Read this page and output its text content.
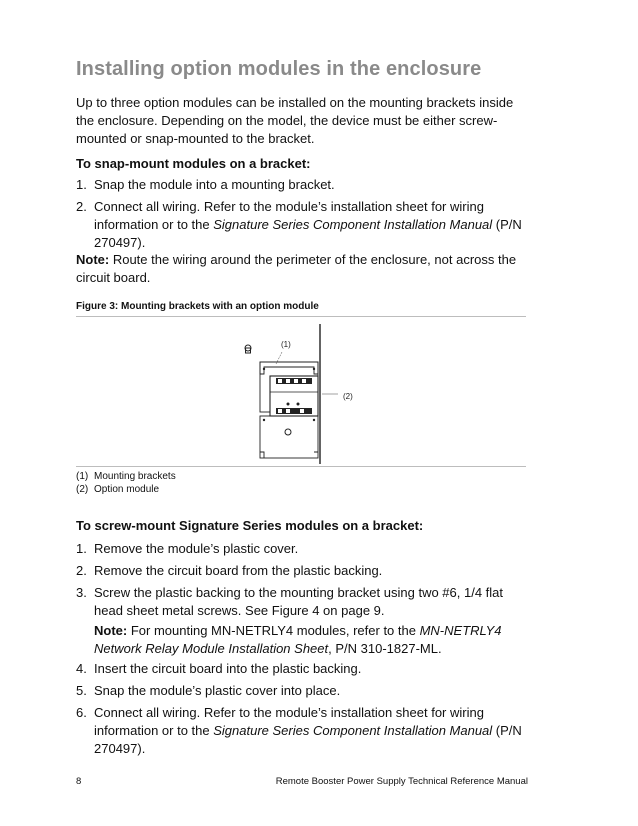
Installing option modules in the enclosure

Up to three option modules can be installed on the mounting brackets inside the enclosure. Depending on the model, the device must be either screw-mounted or snap-mounted to the bracket.

To snap-mount modules on a bracket:
1. Snap the module into a mounting bracket.
2. Connect all wiring. Refer to the module’s installation sheet for wiring information or to the Signature Series Component Installation Manual (P/N 270497).

Note: Route the wiring around the perimeter of the enclosure, not across the circuit board.

Figure 3: Mounting brackets with an option module
(1)
(2)
(1) Mounting brackets
(2) Option module
To screw-mount Signature Series modules on a bracket:
1. Remove the module’s plastic cover.
2. Remove the circuit board from the plastic backing.
3. Screw the plastic backing to the mounting bracket using two #6, 1/4 flat head sheet metal screws. See Figure 4 on page 9.

Note: For mounting MN-NETRLY4 modules, refer to the MN-NETRLY4 Network Relay Module Installation Sheet, P/N 310-1827-ML.

4. Insert the circuit board into the plastic backing.
5. Snap the module’s plastic cover into place.
6. Connect all wiring. Refer to the module’s installation sheet for wiring information or to the Signature Series Component Installation Manual (P/N 270497).
8	Remote Booster Power Supply Technical Reference Manual
